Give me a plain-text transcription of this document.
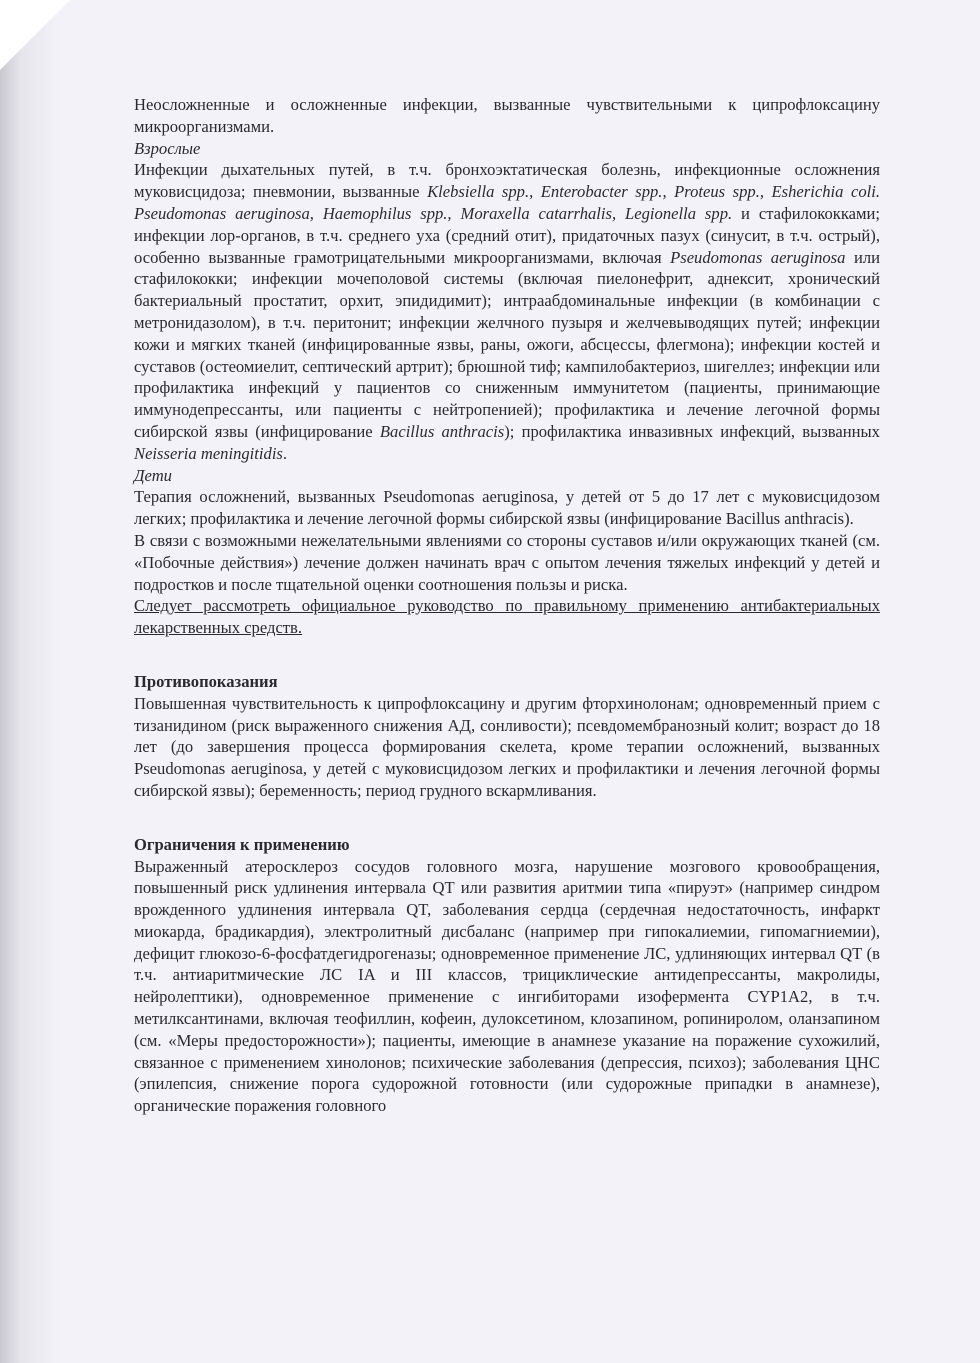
Неосложненные и осложненные инфекции, вызванные чувствительными к ципрофлоксацину микроорганизмами.

Взрослые

Инфекции дыхательных путей, в т.ч. бронхоэктатическая болезнь, инфекционные осложнения муковисцидоза; пневмонии, вызванные Klebsiella spp., Enterobacter spp., Proteus spp., Esherichia coli. Pseudomonas aeruginosa, Haemophilus spp., Moraxella catarrhalis, Legionella spp. и стафилококками; инфекции лор-органов, в т.ч. среднего уха (средний отит), придаточных пазух (синусит, в т.ч. острый), особенно вызванные грамотрицательными микроорганизмами, включая Pseudomonas aeruginosa или стафилококки; инфекции мочеполовой системы (включая пиелонефрит, аднексит, хронический бактериальный простатит, орхит, эпидидимит); интраабдоминальные инфекции (в комбинации с метронидазолом), в т.ч. перитонит; инфекции желчного пузыря и желчевыводящих путей; инфекции кожи и мягких тканей (инфицированные язвы, раны, ожоги, абсцессы, флегмона); инфекции костей и суставов (остеомиелит, септический артрит); брюшной тиф; кампилобактериоз, шигеллез; инфекции или профилактика инфекций у пациентов со сниженным иммунитетом (пациенты, принимающие иммунодепрессанты, или пациенты с нейтропенией); профилактика и лечение легочной формы сибирской язвы (инфицирование Bacillus anthracis); профилактика инвазивных инфекций, вызванных Neisseria meningitidis.

Дети

Терапия осложнений, вызванных Pseudomonas aeruginosa, у детей от 5 до 17 лет с муковисцидозом легких; профилактика и лечение легочной формы сибирской язвы (инфицирование Bacillus anthracis).

В связи с возможными нежелательными явлениями со стороны суставов и/или окружающих тканей (см. «Побочные действия») лечение должен начинать врач с опытом лечения тяжелых инфекций у детей и подростков и после тщательной оценки соотношения пользы и риска.

Следует рассмотреть официальное руководство по правильному применению антибактериальных лекарственных средств.

Противопоказания

Повышенная чувствительность к ципрофлоксацину и другим фторхинолонам; одновременный прием с тизанидином (риск выраженного снижения АД, сонливости); псевдомембранозный колит; возраст до 18 лет (до завершения процесса формирования скелета, кроме терапии осложнений, вызванных Pseudomonas aeruginosa, у детей с муковисцидозом легких и профилактики и лечения легочной формы сибирской язвы); беременность; период грудного вскармливания.

Ограничения к применению

Выраженный атеросклероз сосудов головного мозга, нарушение мозгового кровообращения, повышенный риск удлинения интервала QT или развития аритмии типа «пируэт» (например синдром врожденного удлинения интервала QT, заболевания сердца (сердечная недостаточность, инфаркт миокарда, брадикардия), электролитный дисбаланс (например при гипокалиемии, гипомагниемии), дефицит глюкозо-6-фосфатдегидрогеназы; одновременное применение ЛС, удлиняющих интервал QT (в т.ч. антиаритмические ЛС IA и III классов, трициклические антидепрессанты, макролиды, нейролептики), одновременное применение с ингибиторами изофермента CYP1A2, в т.ч. метилксантинами, включая теофиллин, кофеин, дулоксетином, клозапином, ропиниролом, оланзапином (см. «Меры предосторожности»); пациенты, имеющие в анамнезе указание на поражение сухожилий, связанное с применением хинолонов; психические заболевания (депрессия, психоз); заболевания ЦНС (эпилепсия, снижение порога судорожной готовности (или судорожные припадки в анамнезе), органические поражения головного
